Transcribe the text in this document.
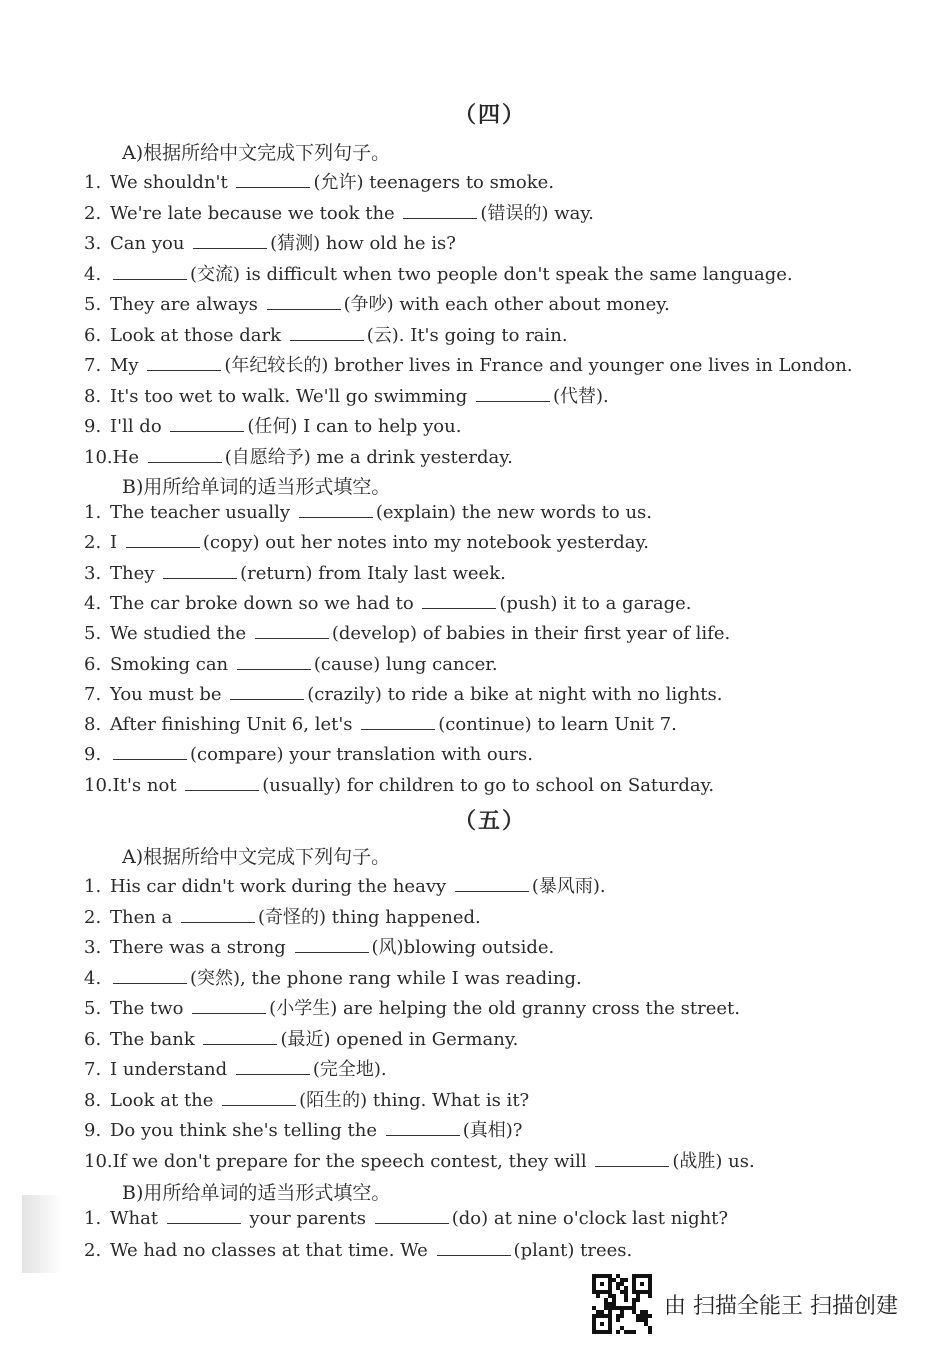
（四）
A)根据所给中文完成下列句子。
1.We shouldn't	(允许) teenagers to smoke.
2.We're late because we took the	(错误的) way.
3.Can you	(猜测) how old he is?
4.	(交流) is difficult when two people don't speak the same language.
5.They are always	(争吵) with each other about money.
6.Look at those dark	(云). It's going to rain.
7.My	(年纪较长的) brother lives in France and younger one lives in London.
8.It's too wet to walk. We'll go swimming	(代替).
9.I'll do	(任何) I can to help you.
10.He	(自愿给予) me a drink yesterday.
B)用所给单词的适当形式填空。
1.The teacher usually	(explain) the new words to us.
2.I	(copy) out her notes into my notebook yesterday.
3.They	(return) from Italy last week.
4.The car broke down so we had to	(push) it to a garage.
5.We studied the	(develop) of babies in their first year of life.
6.Smoking can	(cause) lung cancer.
7.You must be	(crazily) to ride a bike at night with no lights.
8.After finishing Unit 6, let's	(continue) to learn Unit 7.
9.	(compare) your translation with ours.
10.It's not	(usually) for children to go to school on Saturday.
（五）
A)根据所给中文完成下列句子。
1.His car didn't work during the heavy	(暴风雨).
2.Then a	(奇怪的) thing happened.
3.There was a strong	(风)blowing outside.
4.	(突然), the phone rang while I was reading.
5.The two	(小学生) are helping the old granny cross the street.
6.The bank	(最近) opened in Germany.
7.I understand	(完全地).
8.Look at the	(陌生的) thing. What is it?
9.Do you think she's telling the	(真相)?
10.If we don't prepare for the speech contest, they will	(战胜) us.
B)用所给单词的适当形式填空。
1.What	your parents	(do) at nine o'clock last night?
2.We had no classes at that time. We	(plant) trees.
由 扫描全能王 扫描创建
